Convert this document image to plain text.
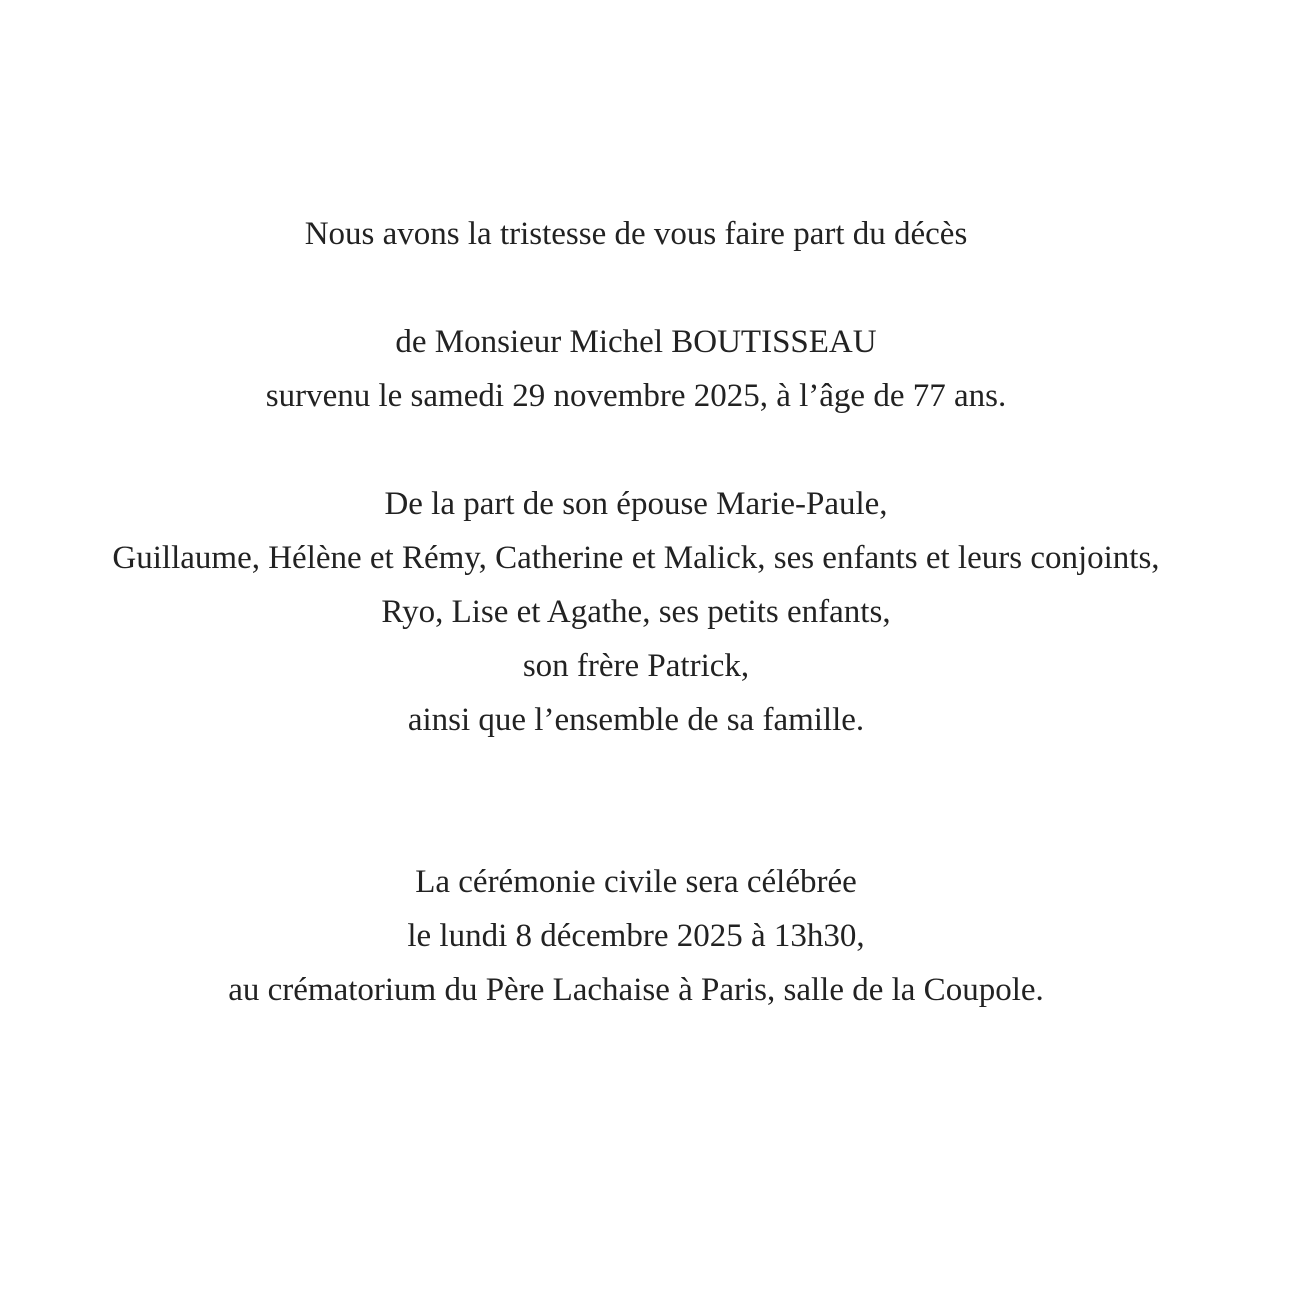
Nous avons la tristesse de vous faire part du décès
de Monsieur Michel BOUTISSEAU
survenu le samedi 29 novembre 2025, à l’âge de 77 ans.
De la part de son épouse Marie-Paule,
Guillaume, Hélène et Rémy, Catherine et Malick, ses enfants et leurs conjoints,
Ryo, Lise et Agathe, ses petits enfants,
son frère Patrick,
ainsi que l’ensemble de sa famille.
La cérémonie civile sera célébrée
le lundi 8 décembre 2025 à 13h30,
au crématorium du Père Lachaise à Paris, salle de la Coupole.
